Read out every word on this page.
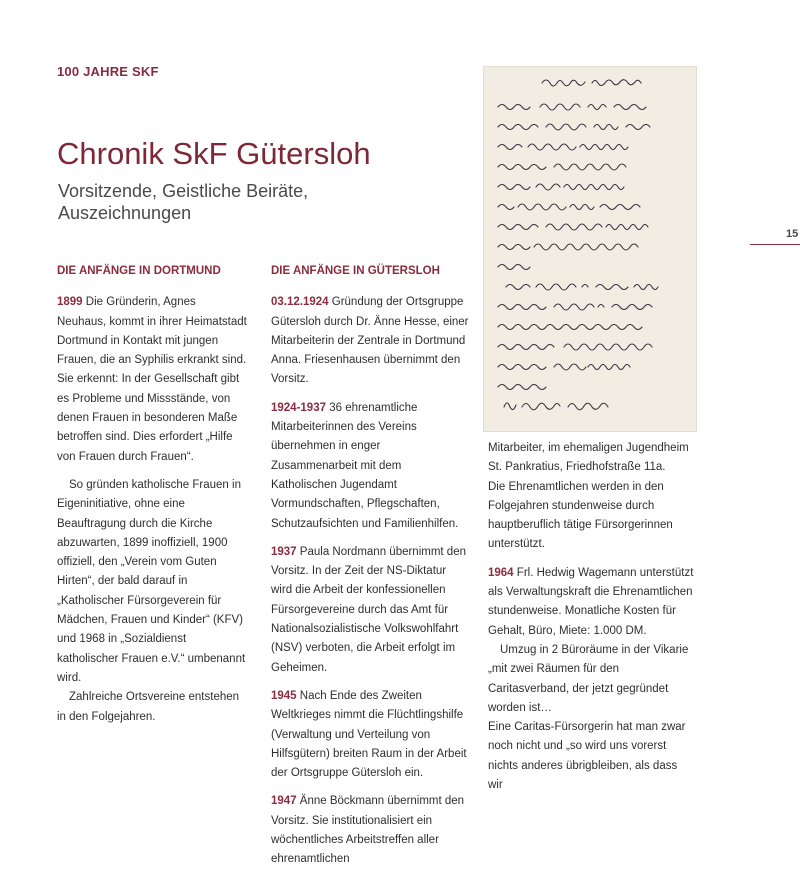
100 JAHRE SKF
Chronik SkF Gütersloh
Vorsitzende, Geistliche Beiräte, Auszeichnungen
15
DIE ANFÄNGE IN DORTMUND

1899 Die Gründerin, Agnes Neuhaus, kommt in ihrer Heimatstadt Dortmund in Kontakt mit jungen Frauen, die an Syphilis erkrankt sind. Sie erkennt: In der Gesellschaft gibt es Probleme und Missstände, von denen Frauen in besonderen Maße betroffen sind. Dies erfordert „Hilfe von Frauen durch Frauen“.

So gründen katholische Frauen in Eigeninitiative, ohne eine Beauftragung durch die Kirche abzuwarten, 1899 inoffiziell, 1900 offiziell, den „Verein vom Guten Hirten“, der bald darauf in „Katholischer Fürsorgeverein für Mädchen, Frauen und Kinder“ (KFV) und 1968 in „Sozialdienst katholischer Frauen e.V.“ umbenannt wird.

Zahlreiche Ortsvereine entstehen in den Folgejahren.

DIE ANFÄNGE IN GÜTERSLOH

03.12.1924 Gründung der Ortsgruppe Gütersloh durch Dr. Änne Hesse, einer Mitarbeiterin der Zentrale in Dortmund Anna. Friesenhausen übernimmt den Vorsitz.

1924-1937 36 ehrenamtliche Mitarbeiterinnen des Vereins übernehmen in enger Zusammenarbeit mit dem Katholischen Jugendamt Vormundschaften, Pflegschaften, Schutzaufsichten und Familienhilfen.

1937 Paula Nordmann übernimmt den Vorsitz. In der Zeit der NS-Diktatur wird die Arbeit der konfessionellen Fürsorgevereine durch das Amt für Nationalsozialistische Volkswohlfahrt (NSV) verboten, die Arbeit erfolgt im Geheimen.

1945 Nach Ende des Zweiten Weltkrieges nimmt die Flüchtlingshilfe (Verwaltung und Verteilung von Hilfsgütern) breiten Raum in der Arbeit der Ortsgruppe Gütersloh ein.

1947 Änne Böckmann übernimmt den Vorsitz. Sie institutionalisiert ein wöchentliches Arbeitstreffen aller ehrenamtlichen

Mitarbeiter, im ehemaligen Jugendheim St. Pankratius, Friedhofstraße 11a.

Die Ehrenamtlichen werden in den Folgejahren stundenweise durch hauptberuflich tätige Fürsorgerinnen unterstützt.

1964 Frl. Hedwig Wagemann unterstützt als Verwaltungskraft die Ehrenamtlichen stundenweise. Monatliche Kosten für Gehalt, Büro, Miete: 1.000 DM.

Umzug in 2 Büroräume in der Vikarie „mit zwei Räumen für den Caritasverband, der jetzt gegründet worden ist…

Eine Caritas-Fürsorgerin hat man zwar noch nicht und „so wird uns vorerst nichts anderes übrigbleiben, als dass wir
